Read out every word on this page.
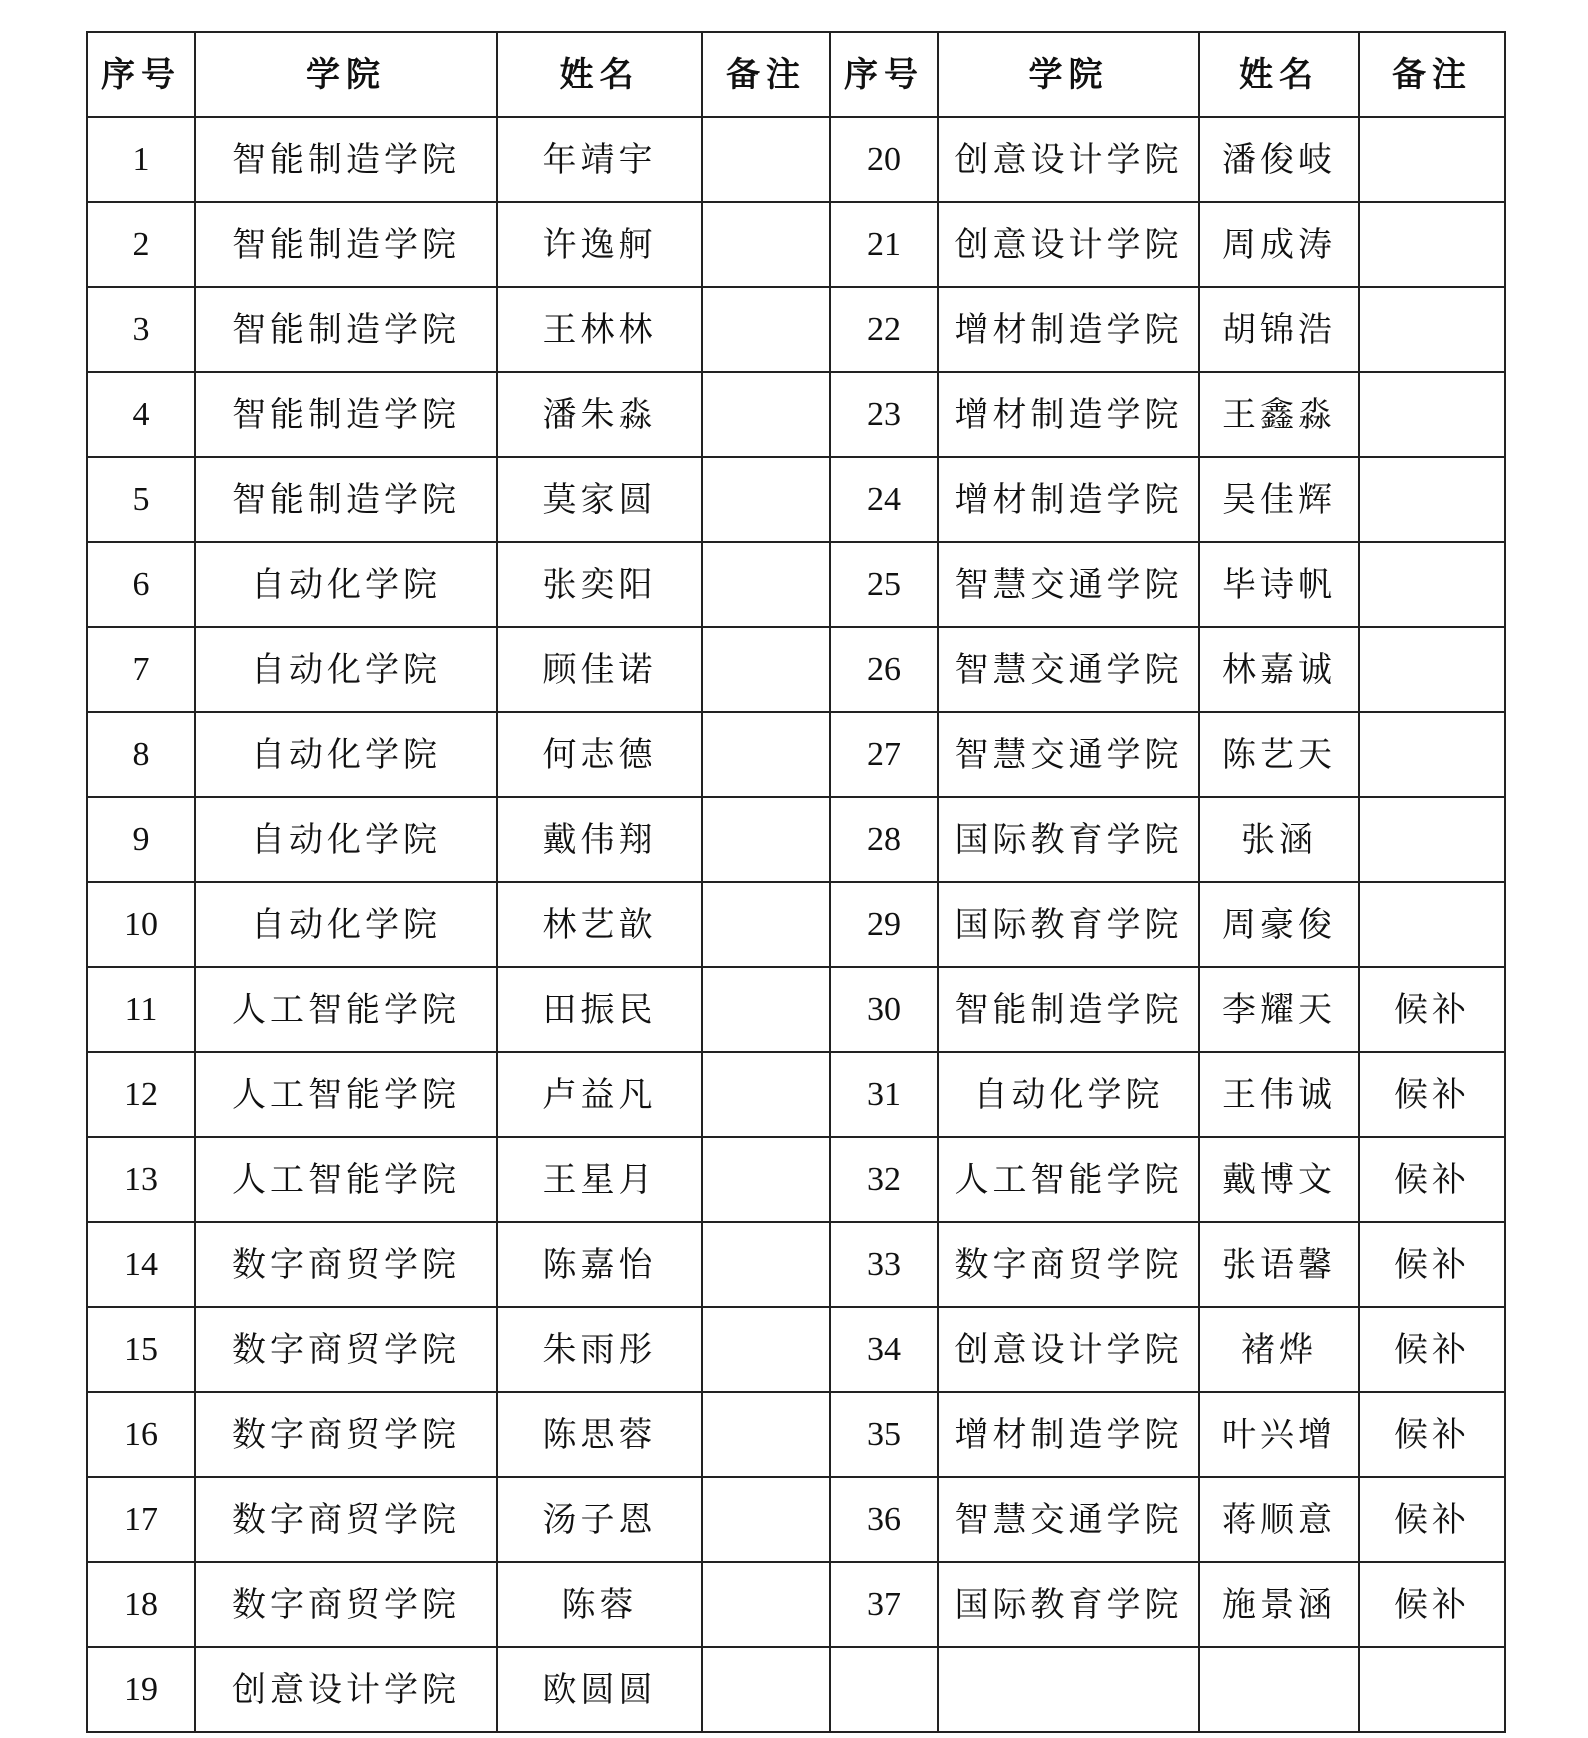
序号	学院	姓名	备注	序号	学院	姓名	备注
1	智能制造学院	年靖宇		20	创意设计学院	潘俊岐	
2	智能制造学院	许逸舸		21	创意设计学院	周成涛	
3	智能制造学院	王林林		22	增材制造学院	胡锦浩	
4	智能制造学院	潘朱淼		23	增材制造学院	王鑫淼	
5	智能制造学院	莫家圆		24	增材制造学院	吴佳辉	
6	自动化学院	张奕阳		25	智慧交通学院	毕诗帆	
7	自动化学院	顾佳诺		26	智慧交通学院	林嘉诚	
8	自动化学院	何志德		27	智慧交通学院	陈艺天	
9	自动化学院	戴伟翔		28	国际教育学院	张涵	
10	自动化学院	林艺歆		29	国际教育学院	周豪俊	
11	人工智能学院	田振民		30	智能制造学院	李耀天	候补
12	人工智能学院	卢益凡		31	自动化学院	王伟诚	候补
13	人工智能学院	王星月		32	人工智能学院	戴博文	候补
14	数字商贸学院	陈嘉怡		33	数字商贸学院	张语馨	候补
15	数字商贸学院	朱雨彤		34	创意设计学院	褚烨	候补
16	数字商贸学院	陈思蓉		35	增材制造学院	叶兴增	候补
17	数字商贸学院	汤子恩		36	智慧交通学院	蒋顺意	候补
18	数字商贸学院	陈蓉		37	国际教育学院	施景涵	候补
19	创意设计学院	欧圆圆					
